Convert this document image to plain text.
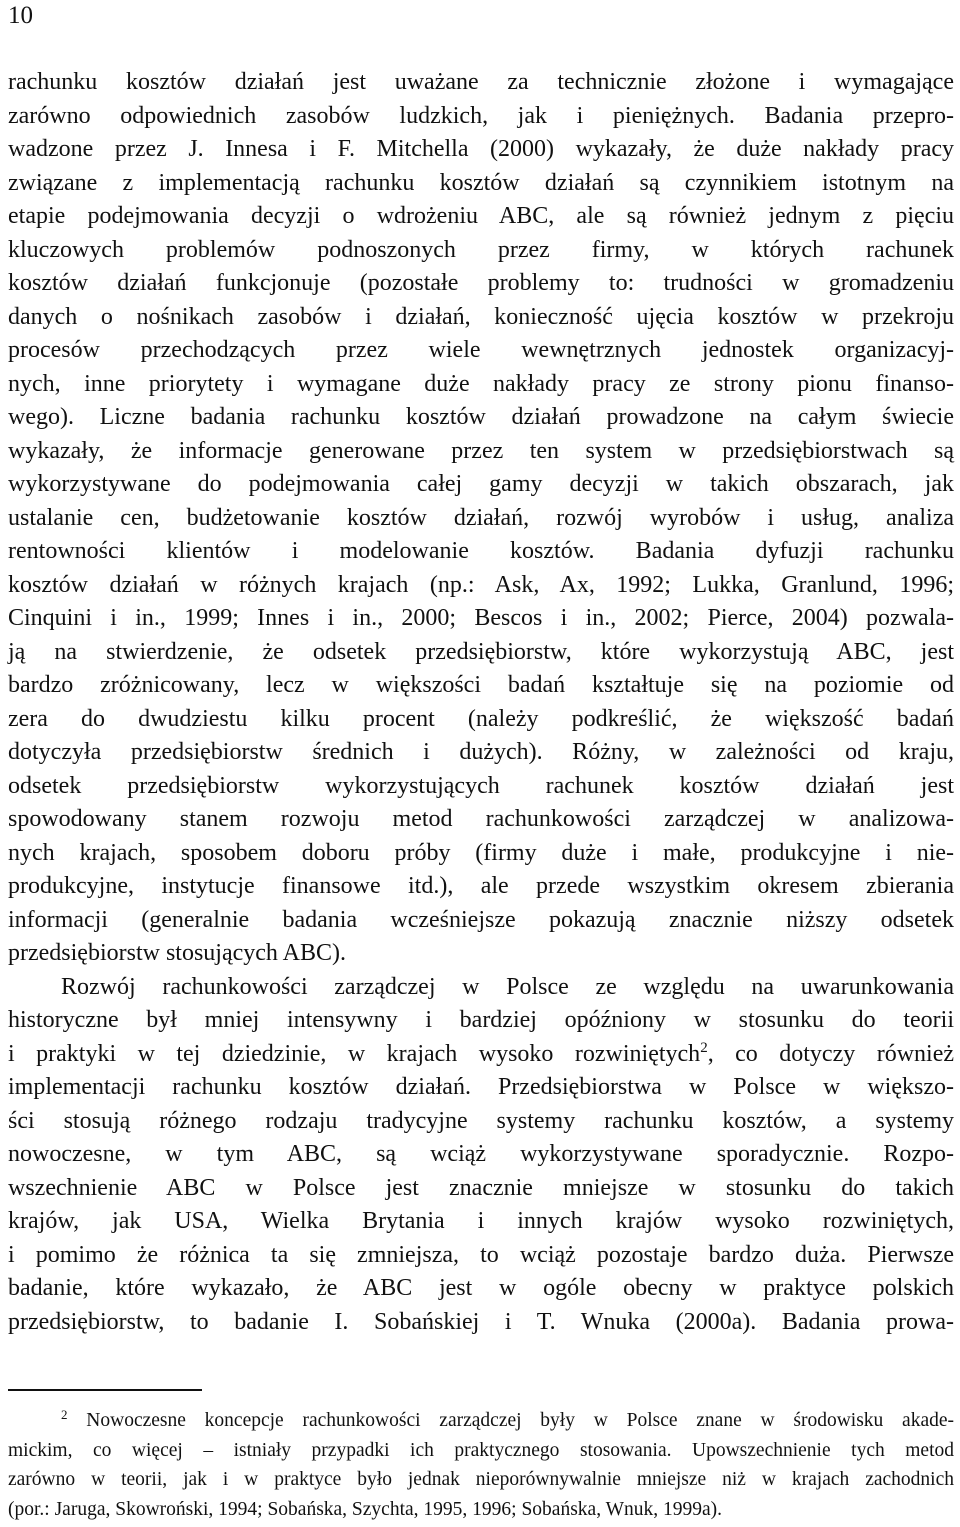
10
rachunku kosztów działań jest uważane za technicznie złożone i wymagające
zarówno odpowiednich zasobów ludzkich, jak i pieniężnych. Badania przepro-
wadzone przez J. Innesa i F. Mitchella (2000) wykazały, że duże nakłady pracy
związane z implementacją rachunku kosztów działań są czynnikiem istotnym na
etapie podejmowania decyzji o wdrożeniu ABC, ale są również jednym z pięciu
kluczowych problemów podnoszonych przez firmy, w których rachunek
kosztów działań funkcjonuje (pozostałe problemy to: trudności w gromadzeniu
danych o nośnikach zasobów i działań, konieczność ujęcia kosztów w przekroju
procesów przechodzących przez wiele wewnętrznych jednostek organizacyj-
nych, inne priorytety i wymagane duże nakłady pracy ze strony pionu finanso-
wego). Liczne badania rachunku kosztów działań prowadzone na całym świecie
wykazały, że informacje generowane przez ten system w przedsiębiorstwach są
wykorzystywane do podejmowania całej gamy decyzji w takich obszarach, jak
ustalanie cen, budżetowanie kosztów działań, rozwój wyrobów i usług, analiza
rentowności klientów i modelowanie kosztów. Badania dyfuzji rachunku
kosztów działań w różnych krajach (np.: Ask, Ax, 1992; Lukka, Granlund, 1996;
Cinquini i in., 1999; Innes i in., 2000; Bescos i in., 2002; Pierce, 2004) pozwala-
ją na stwierdzenie, że odsetek przedsiębiorstw, które wykorzystują ABC, jest
bardzo zróżnicowany, lecz w większości badań kształtuje się na poziomie od
zera do dwudziestu kilku procent (należy podkreślić, że większość badań
dotyczyła przedsiębiorstw średnich i dużych). Różny, w zależności od kraju,
odsetek przedsiębiorstw wykorzystujących rachunek kosztów działań jest
spowodowany stanem rozwoju metod rachunkowości zarządczej w analizowa-
nych krajach, sposobem doboru próby (firmy duże i małe, produkcyjne i nie-
produkcyjne, instytucje finansowe itd.), ale przede wszystkim okresem zbierania
informacji (generalnie badania wcześniejsze pokazują znacznie niższy odsetek
przedsiębiorstw stosujących ABC).
Rozwój rachunkowości zarządczej w Polsce ze względu na uwarunkowania
historyczne był mniej intensywny i bardziej opóźniony w stosunku do teorii
i praktyki w tej dziedzinie, w krajach wysoko rozwiniętych$^2$, co dotyczy również
implementacji rachunku kosztów działań. Przedsiębiorstwa w Polsce w większo-
ści stosują różnego rodzaju tradycyjne systemy rachunku kosztów, a systemy
nowoczesne, w tym ABC, są wciąż wykorzystywane sporadycznie. Rozpo-
wszechnienie ABC w Polsce jest znacznie mniejsze w stosunku do takich
krajów, jak USA, Wielka Brytania i innych krajów wysoko rozwiniętych,
i pomimo że różnica ta się zmniejsza, to wciąż pozostaje bardzo duża. Pierwsze
badanie, które wykazało, że ABC jest w ogóle obecny w praktyce polskich
przedsiębiorstw, to badanie I. Sobańskiej i T. Wnuka (2000a). Badania prowa-
$^2$ Nowoczesne koncepcje rachunkowości zarządczej były w Polsce znane w środowisku akade-
mickim, co więcej – istniały przypadki ich praktycznego stosowania. Upowszechnienie tych metod
zarówno w teorii, jak i w praktyce było jednak nieporównywalnie mniejsze niż w krajach zachodnich
(por.: Jaruga, Skowroński, 1994; Sobańska, Szychta, 1995, 1996; Sobańska, Wnuk, 1999a).
